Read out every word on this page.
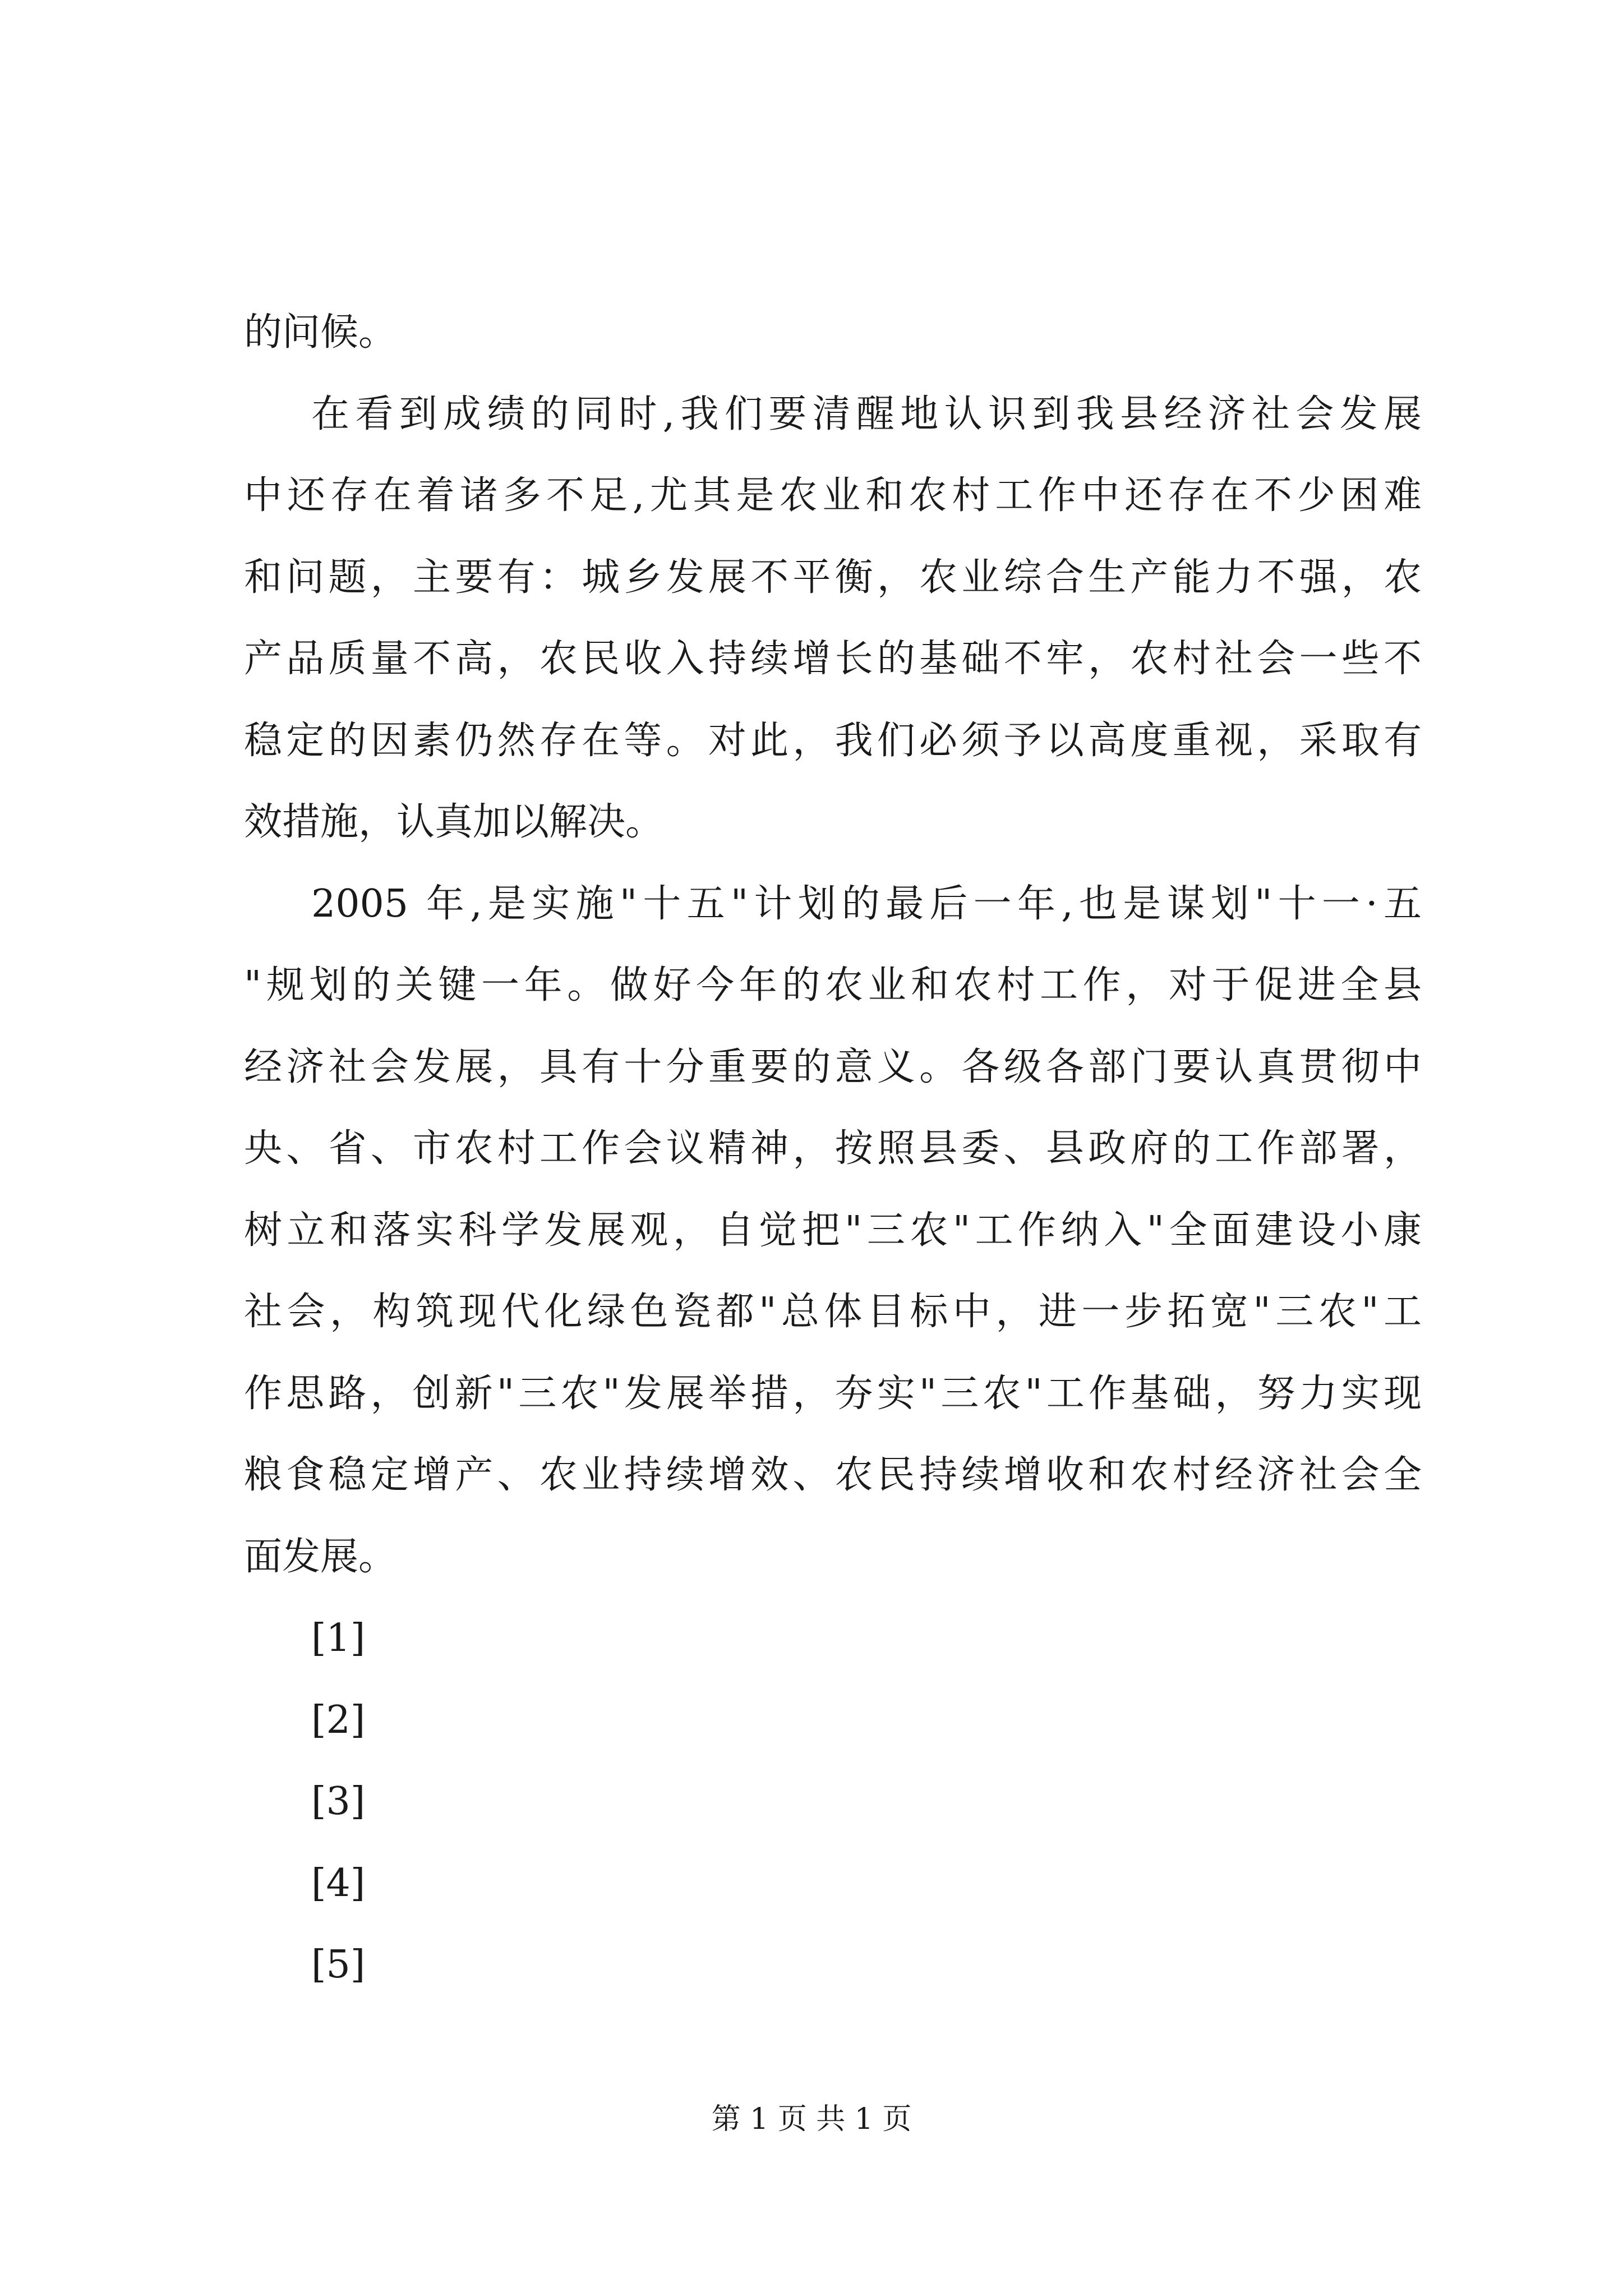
的问候。
在看到成绩的同时,我们要清醒地认识到我县经济社会发展
中还存在着诸多不足,尤其是农业和农村工作中还存在不少困难
和问题，主要有：城乡发展不平衡，农业综合生产能力不强，农
产品质量不高，农民收入持续增长的基础不牢，农村社会一些不
稳定的因素仍然存在等。对此，我们必须予以高度重视，采取有
效措施，认真加以解决。
2005 年,是实施"十五"计划的最后一年,也是谋划"十一·五
"规划的关键一年。做好今年的农业和农村工作，对于促进全县
经济社会发展，具有十分重要的意义。各级各部门要认真贯彻中
央、省、市农村工作会议精神，按照县委、县政府的工作部署，
树立和落实科学发展观，自觉把"三农"工作纳入"全面建设小康
社会，构筑现代化绿色瓷都"总体目标中，进一步拓宽"三农"工
作思路，创新"三农"发展举措，夯实"三农"工作基础，努力实现
粮食稳定增产、农业持续增效、农民持续增收和农村经济社会全
面发展。
[1]
[2]
[3]
[4]
[5]
第 1 页 共 1 页
